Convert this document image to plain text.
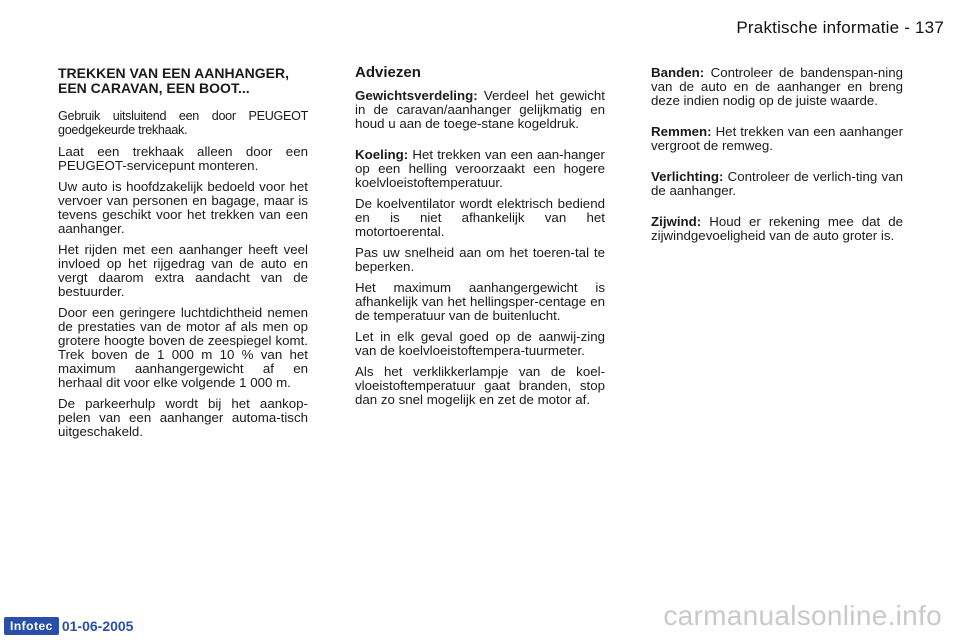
Praktische informatie - 137
TREKKEN VAN EEN AANHANGER, EEN CARAVAN, EEN BOOT...

Gebruik uitsluitend een door PEUGEOT goedgekeurde trekhaak.

Laat een trekhaak alleen door een PEUGEOT-servicepunt monteren.

Uw auto is hoofdzakelijk bedoeld voor het vervoer van personen en bagage, maar is tevens geschikt voor het trekken van een aanhanger.

Het rijden met een aanhanger heeft veel invloed op het rijgedrag van de auto en vergt daarom extra aandacht van de bestuurder.

Door een geringere luchtdichtheid nemen de prestaties van de motor af als men op grotere hoogte boven de zeespiegel komt. Trek boven de 1 000 m 10 % van het maximum aanhangergewicht af en herhaal dit voor elke volgende 1 000 m.

De parkeerhulp wordt bij het aankop-pelen van een aanhanger automa-tisch uitgeschakeld.

Adviezen

Gewichtsverdeling: Verdeel het gewicht in de caravan/aanhanger gelijkmatig en houd u aan de toege-stane kogeldruk.

Koeling: Het trekken van een aan-hanger op een helling veroorzaakt een hogere koelvloeistoftemperatuur.

De koelventilator wordt elektrisch bediend en is niet afhankelijk van het motortoerental.

Pas uw snelheid aan om het toeren-tal te beperken.

Het maximum aanhangergewicht is afhankelijk van het hellingsper-centage en de temperatuur van de buitenlucht.

Let in elk geval goed op de aanwij-zing van de koelvloeistoftempera-tuurmeter.

Als het verklikkerlampje van de koel-vloeistoftemperatuur gaat branden, stop dan zo snel mogelijk en zet de motor af.

Banden: Controleer de bandenspan-ning van de auto en de aanhanger en breng deze indien nodig op de juiste waarde.

Remmen: Het trekken van een aanhanger vergroot de remweg.

Verlichting: Controleer de verlich-ting van de aanhanger.

Zijwind: Houd er rekening mee dat de zijwindgevoeligheid van de auto groter is.

Infotec 01-06-2005	carmanualsonline.info
